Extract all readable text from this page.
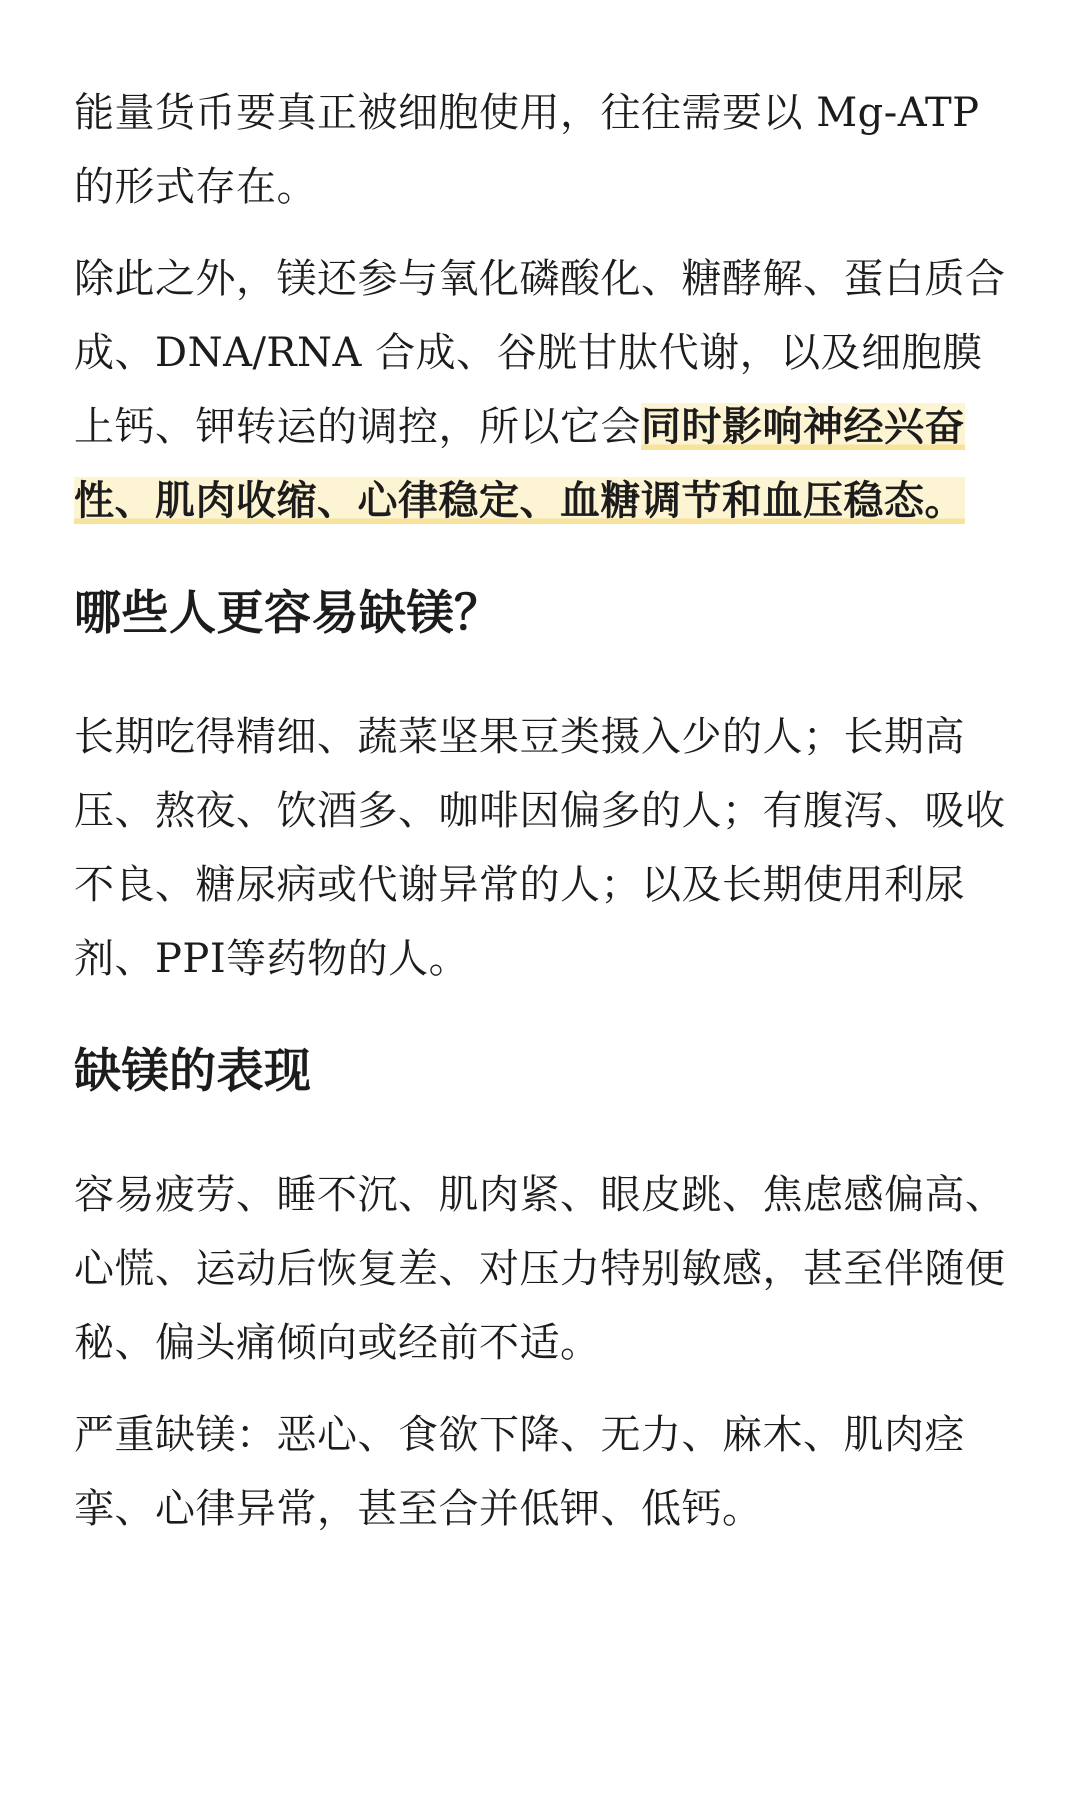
能量货币要真正被细胞使用，往往需要以 Mg-ATP 的形式存在。

除此之外，镁还参与氧化磷酸化、糖酵解、蛋白质合成、DNA/RNA 合成、谷胱甘肽代谢，以及细胞膜上钙、钾转运的调控，所以它会同时影响神经兴奋性、肌肉收缩、心律稳定、血糖调节和血压稳态。

哪些人更容易缺镁？

长期吃得精细、蔬菜坚果豆类摄入少的人；长期高压、熬夜、饮酒多、咖啡因偏多的人；有腹泻、吸收不良、糖尿病或代谢异常的人；以及长期使用利尿剂、PPI等药物的人。

缺镁的表现

容易疲劳、睡不沉、肌肉紧、眼皮跳、焦虑感偏高、心慌、运动后恢复差、对压力特别敏感，甚至伴随便秘、偏头痛倾向或经前不适。

严重缺镁：恶心、食欲下降、无力、麻木、肌肉痉挛、心律异常，甚至合并低钾、低钙。
